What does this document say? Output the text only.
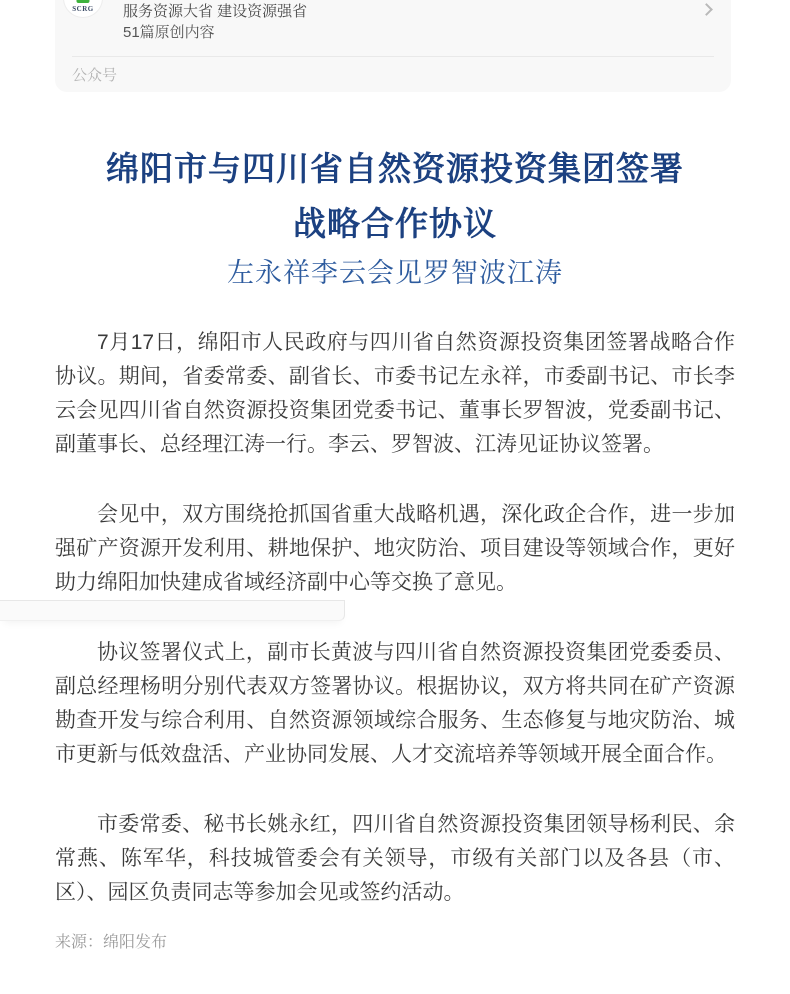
SCRG	服务资源大省 建设资源强省
51篇原创内容
公众号
绵阳市与四川省自然资源投资集团签署
战略合作协议
左永祥李云会见罗智波江涛

7月17日，绵阳市人民政府与四川省自然资源投资集团签署战略合作协议。期间，省委常委、副省长、市委书记左永祥，市委副书记、市长李云会见四川省自然资源投资集团党委书记、董事长罗智波，党委副书记、副董事长、总经理江涛一行。李云、罗智波、江涛见证协议签署。

会见中，双方围绕抢抓国省重大战略机遇，深化政企合作，进一步加强矿产资源开发利用、耕地保护、地灾防治、项目建设等领域合作，更好助力绵阳加快建成省域经济副中心等交换了意见。

协议签署仪式上，副市长黄波与四川省自然资源投资集团党委委员、副总经理杨明分别代表双方签署协议。根据协议，双方将共同在矿产资源勘查开发与综合利用、自然资源领域综合服务、生态修复与地灾防治、城市更新与低效盘活、产业协同发展、人才交流培养等领域开展全面合作。

市委常委、秘书长姚永红，四川省自然资源投资集团领导杨利民、余常燕、陈军华，科技城管委会有关领导，市级有关部门以及各县（市、区）、园区负责同志等参加会见或签约活动。

来源：绵阳发布
